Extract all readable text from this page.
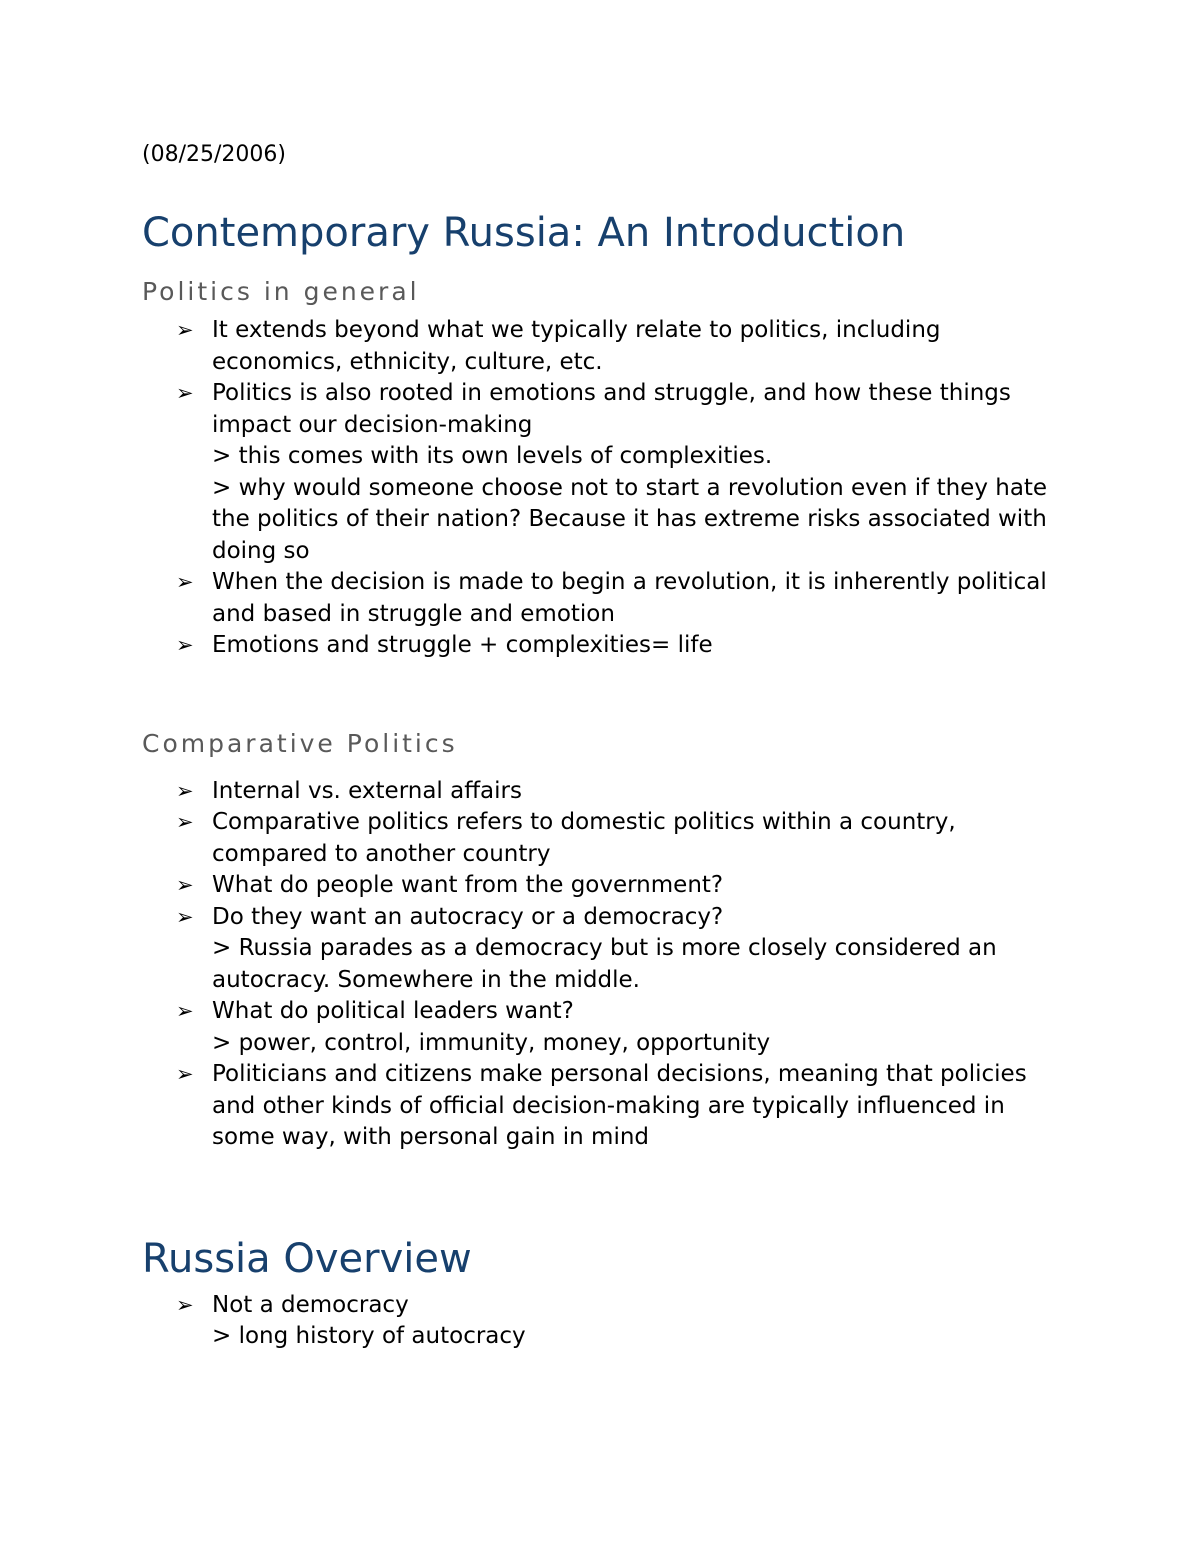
(08/25/2006)

Contemporary Russia: An Introduction
Politics in general
➢ It extends beyond what we typically relate to politics, including economics, ethnicity, culture, etc.
➢ Politics is also rooted in emotions and struggle, and how these things impact our decision-making
> this comes with its own levels of complexities.
> why would someone choose not to start a revolution even if they hate the politics of their nation? Because it has extreme risks associated with doing so
➢ When the decision is made to begin a revolution, it is inherently political and based in struggle and emotion
➢ Emotions and struggle + complexities= life
Comparative Politics
➢ Internal vs. external affairs
➢ Comparative politics refers to domestic politics within a country, compared to another country
➢ What do people want from the government?
➢ Do they want an autocracy or a democracy?
> Russia parades as a democracy but is more closely considered an autocracy. Somewhere in the middle.
➢ What do political leaders want?
> power, control, immunity, money, opportunity
➢ Politicians and citizens make personal decisions, meaning that policies and other kinds of official decision-making are typically influenced in some way, with personal gain in mind
Russia Overview
➢ Not a democracy
> long history of autocracy
